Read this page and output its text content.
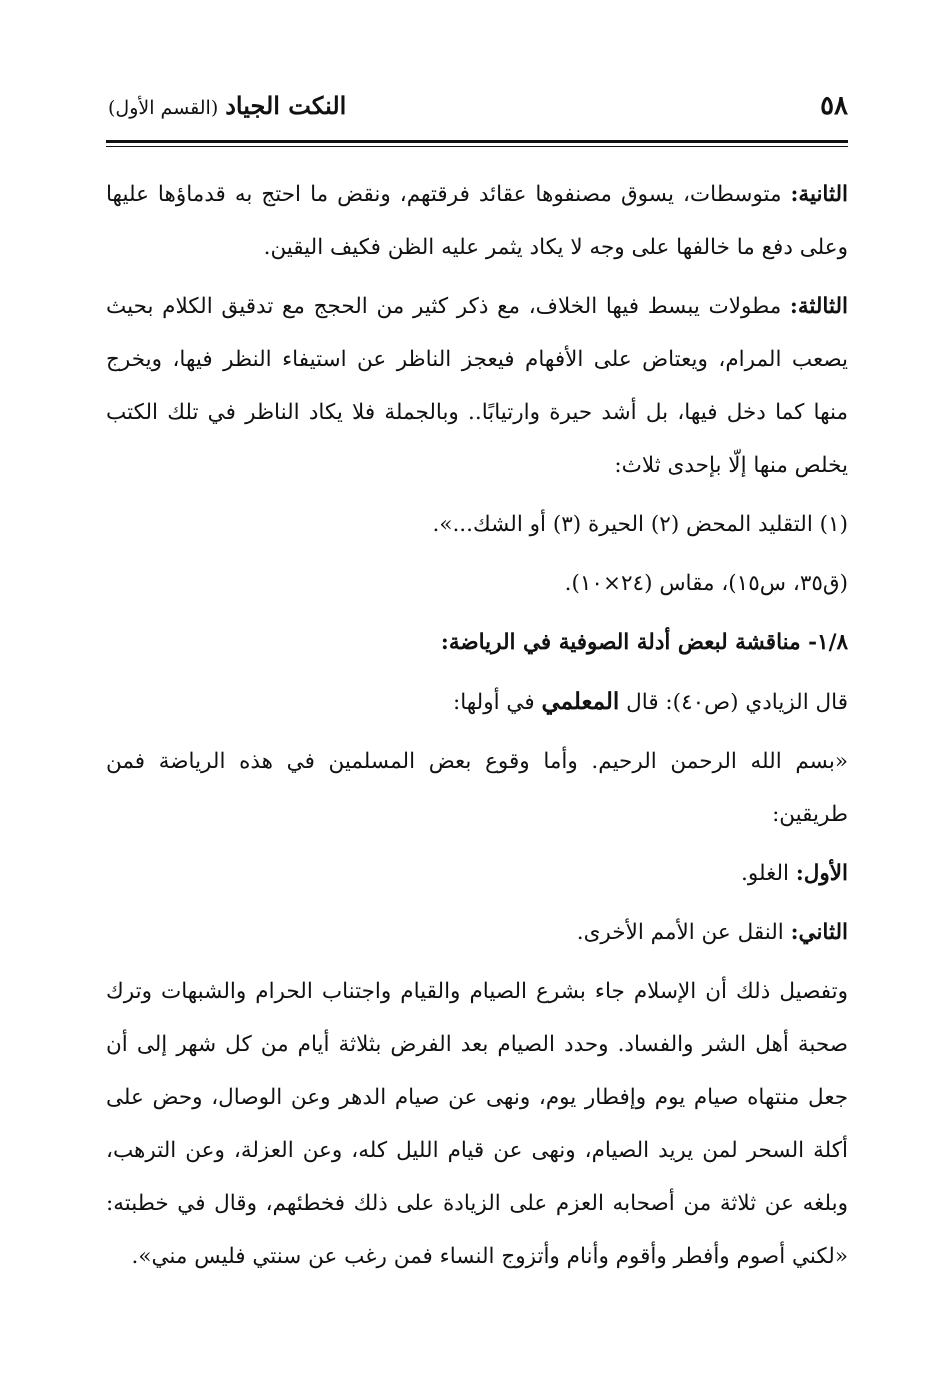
٥٨
النكت الجياد (القسم الأول)

الثانية: متوسطات، يسوق مصنفوها عقائد فرقتهم، ونقض ما احتج به قدماؤها عليها وعلى دفع ما خالفها على وجه لا يكاد يثمر عليه الظن فكيف اليقين.

الثالثة: مطولات يبسط فيها الخلاف، مع ذكر كثير من الحجج مع تدقيق الكلام بحيث يصعب المرام، ويعتاض على الأفهام فيعجز الناظر عن استيفاء النظر فيها، ويخرج منها كما دخل فيها، بل أشد حيرة وارتيابًا.. وبالجملة فلا يكاد الناظر في تلك الكتب يخلص منها إلّا بإحدى ثلاث:

(١) التقليد المحض (٢) الحيرة (٣) أو الشك...».

(ق٣٥، س١٥)، مقاس (٢٤×١٠).

١/٨- مناقشة لبعض أدلة الصوفية في الرياضة:

قال الزيادي (ص٤٠): قال المعلمي في أولها:

«بسم الله الرحمن الرحيم. وأما وقوع بعض المسلمين في هذه الرياضة فمن طريقين:

الأول: الغلو.

الثاني: النقل عن الأمم الأخرى.

وتفصيل ذلك أن الإسلام جاء بشرع الصيام والقيام واجتناب الحرام والشبهات وترك صحبة أهل الشر والفساد. وحدد الصيام بعد الفرض بثلاثة أيام من كل شهر إلى أن جعل منتهاه صيام يوم وإفطار يوم، ونهى عن صيام الدهر وعن الوصال، وحض على أكلة السحر لمن يريد الصيام، ونهى عن قيام الليل كله، وعن العزلة، وعن الترهب، وبلغه عن ثلاثة من أصحابه العزم على الزيادة على ذلك فخطئهم، وقال في خطبته: «لكني أصوم وأفطر وأقوم وأنام وأتزوج النساء فمن رغب عن سنتي فليس مني».
